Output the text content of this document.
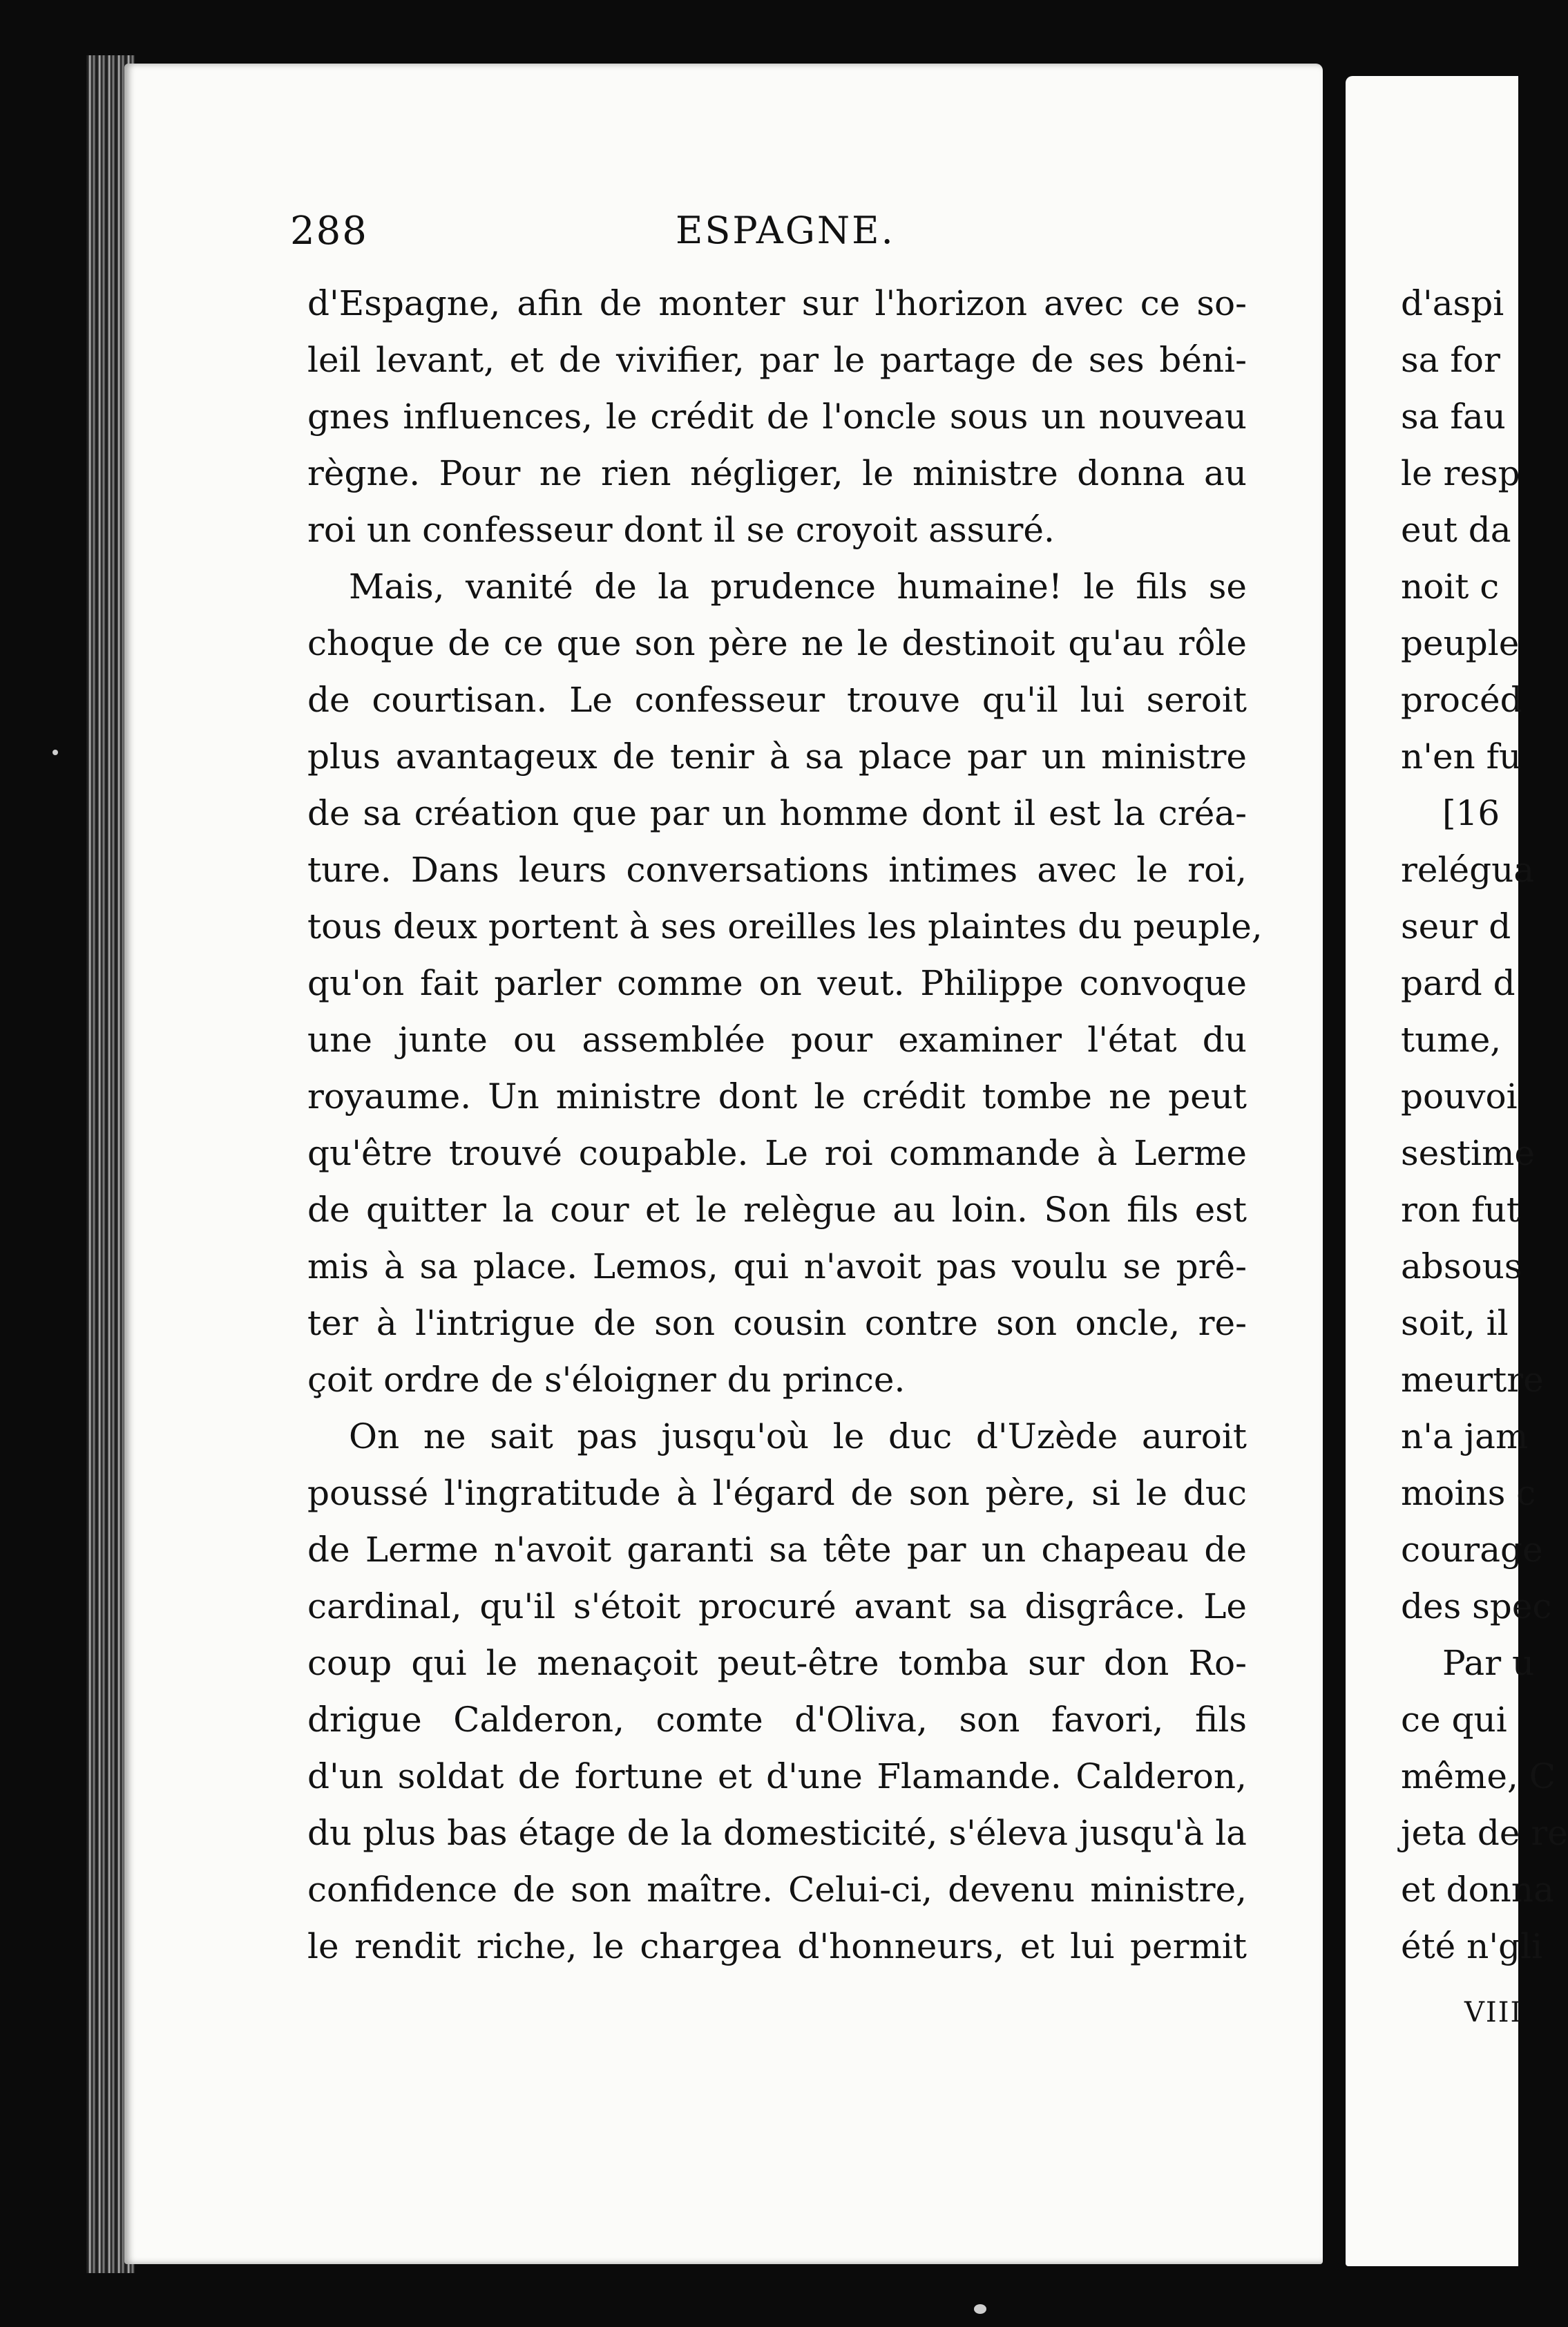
288	ESPAGNE.
d'Espagne, afin de monter sur l'horizon avec ce so-
leil levant, et de vivifier, par le partage de ses béni-
gnes influences, le crédit de l'oncle sous un nouveau
règne. Pour ne rien négliger, le ministre donna au
roi un confesseur dont il se croyoit assuré.
Mais, vanité de la prudence humaine! le fils se
choque de ce que son père ne le destinoit qu'au rôle
de courtisan. Le confesseur trouve qu'il lui seroit
plus avantageux de tenir à sa place par un ministre
de sa création que par un homme dont il est la créa-
ture. Dans leurs conversations intimes avec le roi,
tous deux portent à ses oreilles les plaintes du peuple,
qu'on fait parler comme on veut. Philippe convoque
une junte ou assemblée pour examiner l'état du
royaume. Un ministre dont le crédit tombe ne peut
qu'être trouvé coupable. Le roi commande à Lerme
de quitter la cour et le relègue au loin. Son fils est
mis à sa place. Lemos, qui n'avoit pas voulu se prê-
ter à l'intrigue de son cousin contre son oncle, re-
çoit ordre de s'éloigner du prince.
On ne sait pas jusqu'où le duc d'Uzède auroit
poussé l'ingratitude à l'égard de son père, si le duc
de Lerme n'avoit garanti sa tête par un chapeau de
cardinal, qu'il s'étoit procuré avant sa disgrâce. Le
coup qui le menaçoit peut-être tomba sur don Ro-
drigue Calderon, comte d'Oliva, son favori, fils
d'un soldat de fortune et d'une Flamande. Calderon,
du plus bas étage de la domesticité, s'éleva jusqu'à la
confidence de son maître. Celui-ci, devenu ministre,
le rendit riche, le chargea d'honneurs, et lui permit
d'aspi
sa for
sa fau
le resp
eut da
noit c
peuple
procéd
n'en fu
[16
relégua
seur d
pard d
tume,
pouvoi
sestime
ron fut
absous
soit, il
meurtre
n'a jam
moins c
courage
des spec
Par u
ce qui
même, C
jeta de re
et donna
été n'gli
VIII
